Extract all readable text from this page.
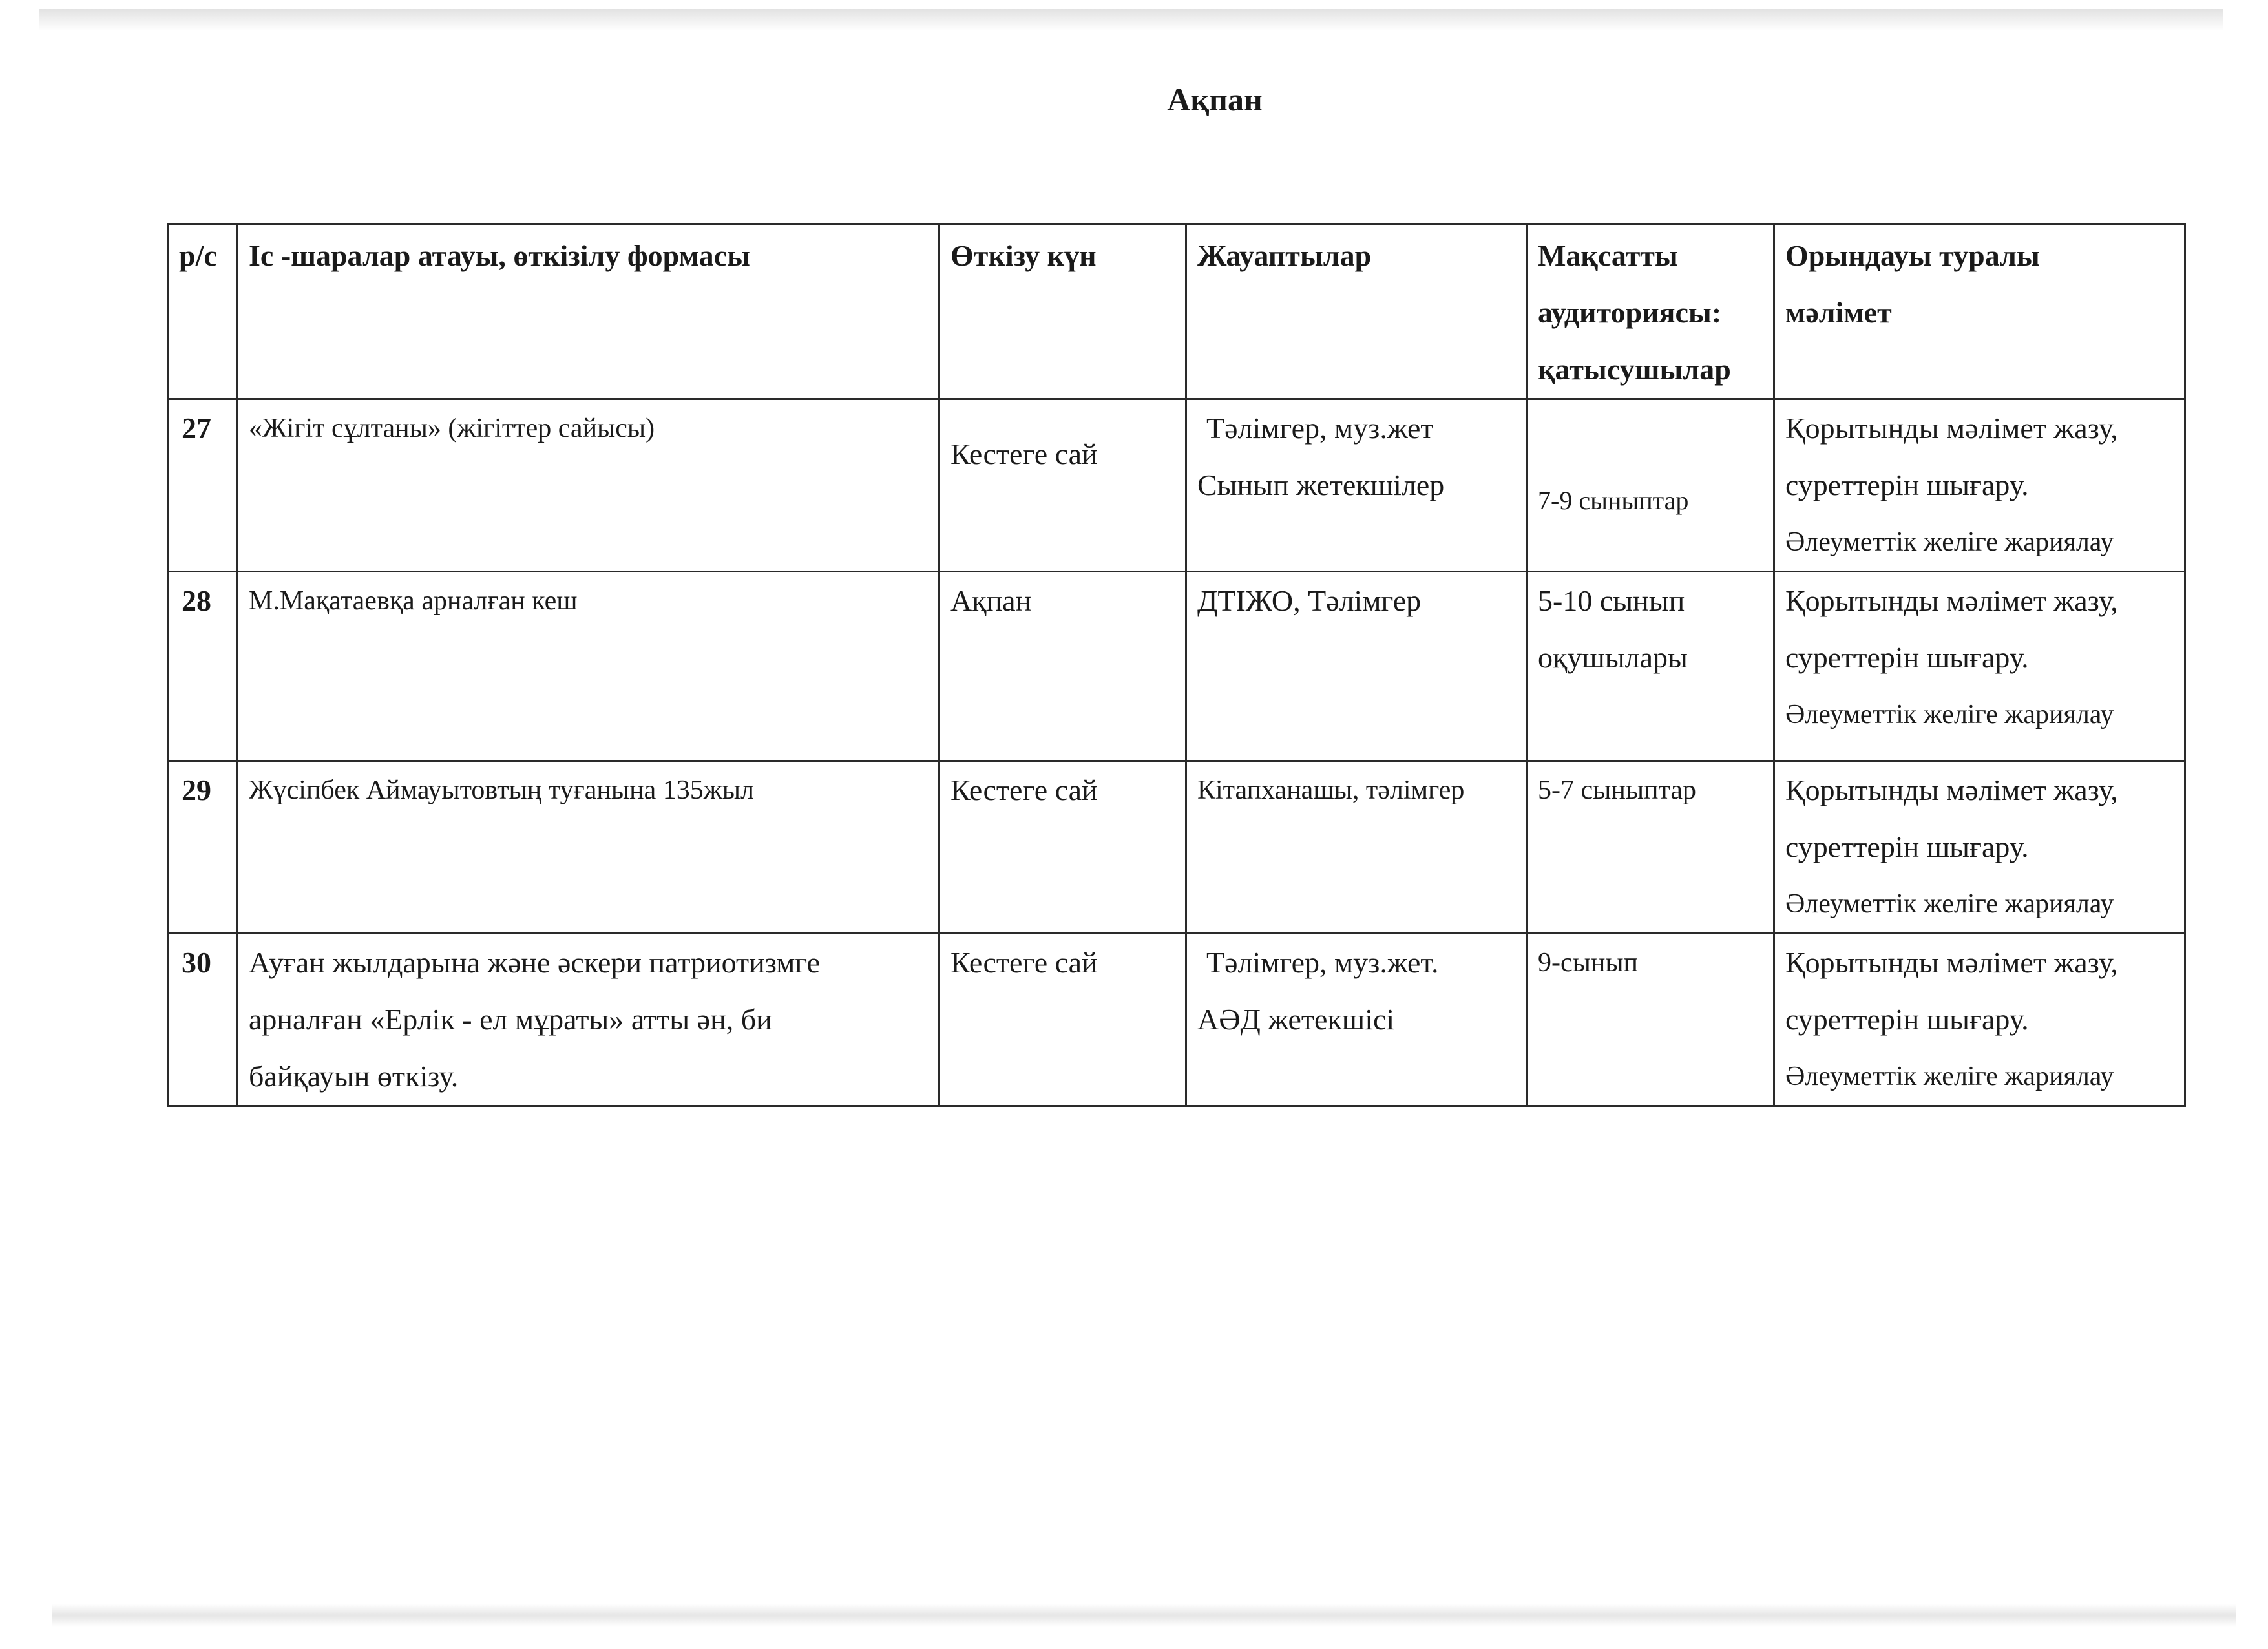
Ақпан
р/с	Іс -шаралар атауы, өткізілу формасы	Өткізу күн	Жауаптылар	Мақсатты
аудиториясы:
қатысушылар	Орындауы туралы
мәлімет

27	«Жігіт сұлтаны» (жігіттер сайысы)	Кестеге сай	Тәлімгер, муз.жет
Сынып жетекшілер	7-9 сыныптар	Қорытынды мәлімет жазу,
суреттерін шығару.
Әлеуметтік желіге жариялау

28	М.Мақатаевқа арналған кеш	Ақпан	ДТІЖО, Тәлімгер	5-10 сынып
оқушылары	Қорытынды мәлімет жазу,
суреттерін шығару.
Әлеуметтік желіге жариялау

29	Жүсіпбек Аймауытовтың туғанына 135жыл	Кестеге сай	Кітапханашы, тәлімгер	5-7 сыныптар	Қорытынды мәлімет жазу,
суреттерін шығару.
Әлеуметтік желіге жариялау

30	Ауған жылдарына және әскери патриотизмге
арналған «Ерлік - ел мұраты» атты ән, би
байқауын өткізу.	Кестеге сай	Тәлімгер, муз.жет.
АӘД жетекшісі	9-сынып	Қорытынды мәлімет жазу,
суреттерін шығару.
Әлеуметтік желіге жариялау
